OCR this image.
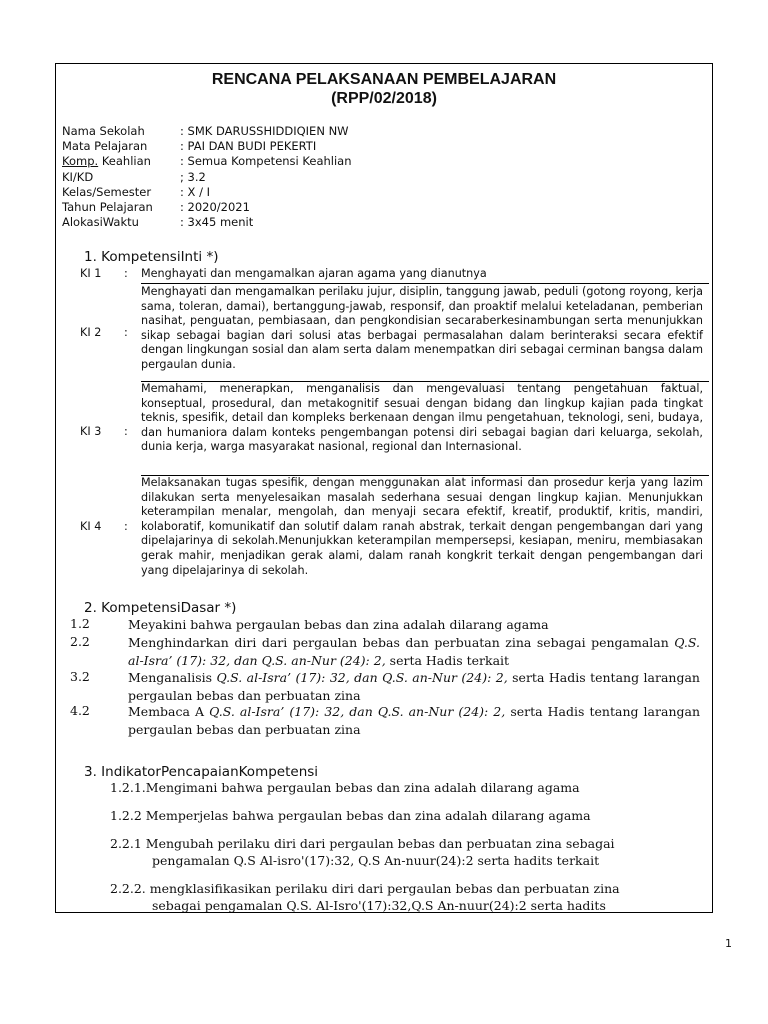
RENCANA PELAKSANAAN PEMBELAJARAN
(RPP/02/2018)
Nama Sekolah	: SMK DARUSSHIDDIQIEN NW
Mata Pelajaran	: PAI DAN BUDI PEKERTI
Komp. Keahlian	: Semua Kompetensi Keahlian
KI/KD	; 3.2
Kelas/Semester	: X / I
Tahun Pelajaran	: 2020/2021
AlokasiWaktu	: 3x45 menit
1. KompetensiInti *)
KI 1 : Menghayati dan mengamalkan ajaran agama yang dianutnya
KI 2 :
Menghayati dan mengamalkan perilaku jujur, disiplin, tanggung jawab, peduli (gotong royong, kerja sama, toleran, damai), bertanggung-jawab, responsif, dan proaktif melalui keteladanan, pemberian nasihat, penguatan, pembiasaan, dan pengkondisian secaraberkesinambungan serta menunjukkan sikap sebagai bagian dari solusi atas berbagai permasalahan dalam berinteraksi secara efektif dengan lingkungan sosial dan alam serta dalam menempatkan diri sebagai cerminan bangsa dalam pergaulan dunia.
KI 3 :
Memahami, menerapkan, menganalisis dan mengevaluasi tentang pengetahuan faktual, konseptual, prosedural, dan metakognitif sesuai dengan bidang dan lingkup kajian pada tingkat teknis, spesifik, detail dan kompleks berkenaan dengan ilmu pengetahuan, teknologi, seni, budaya, dan humaniora dalam konteks pengembangan potensi diri sebagai bagian dari keluarga, sekolah, dunia kerja, warga masyarakat nasional, regional dan Internasional.
KI 4 :
Melaksanakan tugas spesifik, dengan menggunakan alat informasi dan prosedur kerja yang lazim dilakukan serta menyelesaikan masalah sederhana sesuai dengan lingkup kajian. Menunjukkan keterampilan menalar, mengolah, dan menyaji secara efektif, kreatif, produktif, kritis, mandiri, kolaboratif, komunikatif dan solutif dalam ranah abstrak, terkait dengan pengembangan dari yang dipelajarinya di sekolah.Menunjukkan keterampilan mempersepsi, kesiapan, meniru, membiasakan gerak mahir, menjadikan gerak alami, dalam ranah kongkrit terkait dengan pengembangan dari yang dipelajarinya di sekolah.
2. KompetensiDasar *)
1.2	Meyakini bahwa pergaulan bebas dan zina adalah dilarang agama
2.2	Menghindarkan diri dari pergaulan bebas dan perbuatan zina sebagai pengamalan Q.S. al-Isra’ (17): 32, dan Q.S. an-Nur (24): 2, serta Hadis terkait
3.2	Menganalisis Q.S. al-Isra’ (17): 32, dan Q.S. an-Nur (24): 2, serta Hadis tentang larangan pergaulan bebas dan perbuatan zina
4.2	Membaca A Q.S. al-Isra’ (17): 32, dan Q.S. an-Nur (24): 2, serta Hadis tentang larangan pergaulan bebas dan perbuatan zina
3. IndikatorPencapaianKompetensi
1.2.1.Mengimani bahwa pergaulan bebas dan zina adalah dilarang agama
1.2.2 Memperjelas bahwa pergaulan bebas dan zina adalah dilarang agama
2.2.1 Mengubah perilaku diri dari pergaulan bebas dan perbuatan zina sebagai
pengamalan Q.S Al-isro'(17):32, Q.S An-nuur(24):2 serta hadits terkait
2.2.2. mengklasifikasikan perilaku diri dari pergaulan bebas dan perbuatan zina
sebagai pengamalan Q.S. Al-Isro'(17):32,Q.S An-nuur(24):2 serta hadits
1
